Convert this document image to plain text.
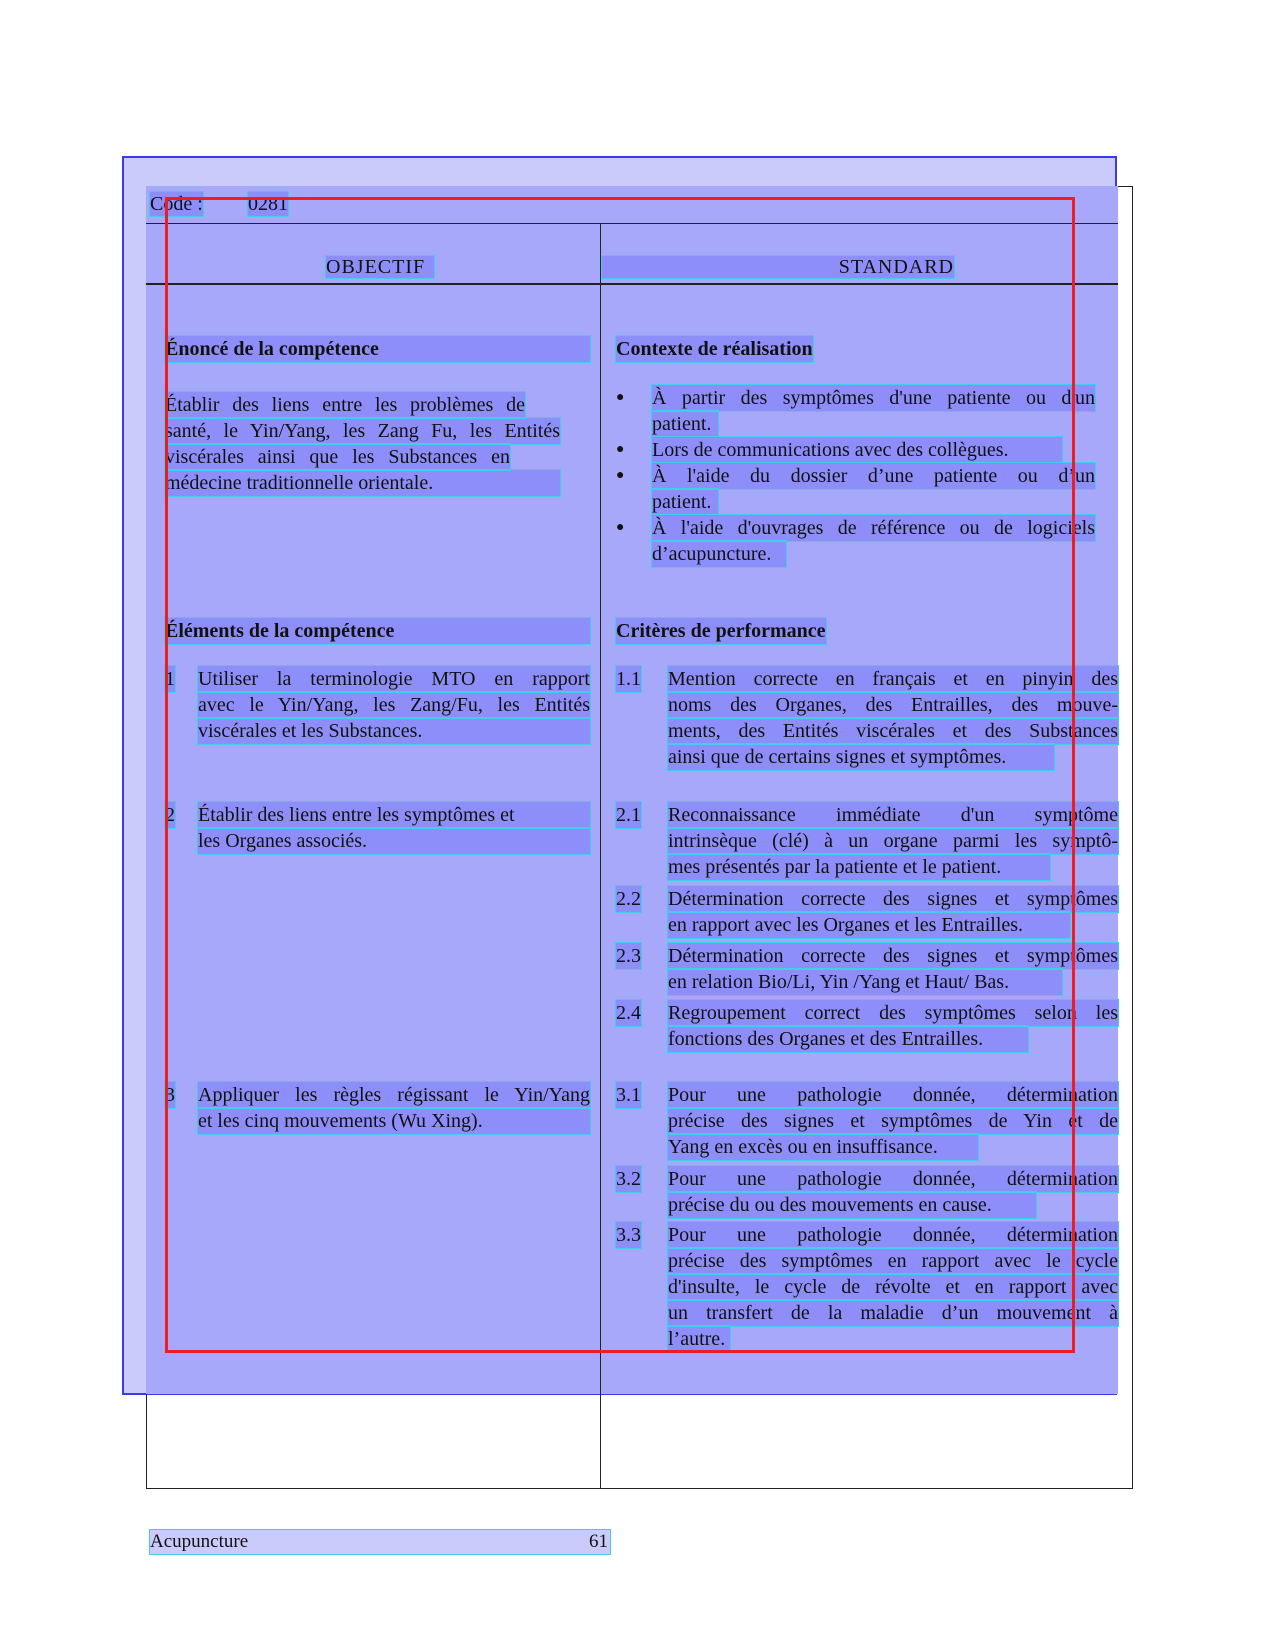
Code : 0281
OBJECTIF	STANDARD
Énoncé de la compétence
Établir des liens entre les problèmes de
santé, le Yin/Yang, les Zang Fu, les Entités
viscérales ainsi que les Substances en
médecine traditionnelle orientale.
Éléments de la compétence
1 Utiliser la terminologie MTO en rapport
avec le Yin/Yang, les Zang/Fu, les Entités
viscérales et les Substances.
2 Établir des liens entre les symptômes et
les Organes associés.
3 Appliquer les règles régissant le Yin/Yang
et les cinq mouvements (Wu Xing).
Contexte de réalisation
● À partir des symptômes d'une patiente ou d'un
patient.
● Lors de communications avec des collègues.
● À l'aide du dossier d’une patiente ou d’un
patient.
● À l'aide d'ouvrages de référence ou de logiciels
d’acupuncture.
Critères de performance
1.1 Mention correcte en français et en pinyin des
noms des Organes, des Entrailles, des mouve-
ments, des Entités viscérales et des Substances
ainsi que de certains signes et symptômes.
2.1 Reconnaissance immédiate d'un symptôme
intrinsèque (clé) à un organe parmi les symptô-
mes présentés par la patiente et le patient.
2.2 Détermination correcte des signes et symptômes
en rapport avec les Organes et les Entrailles.
2.3 Détermination correcte des signes et symptômes
en relation Bio/Li, Yin /Yang et Haut/ Bas.
2.4 Regroupement correct des symptômes selon les
fonctions des Organes et des Entrailles.
3.1 Pour une pathologie donnée, détermination
précise des signes et symptômes de Yin et de
Yang en excès ou en insuffisance.
3.2 Pour une pathologie donnée, détermination
précise du ou des mouvements en cause.
3.3 Pour une pathologie donnée, détermination
précise des symptômes en rapport avec le cycle
d'insulte, le cycle de révolte et en rapport avec
un transfert de la maladie d’un mouvement à
l’autre.
Acupuncture	61
